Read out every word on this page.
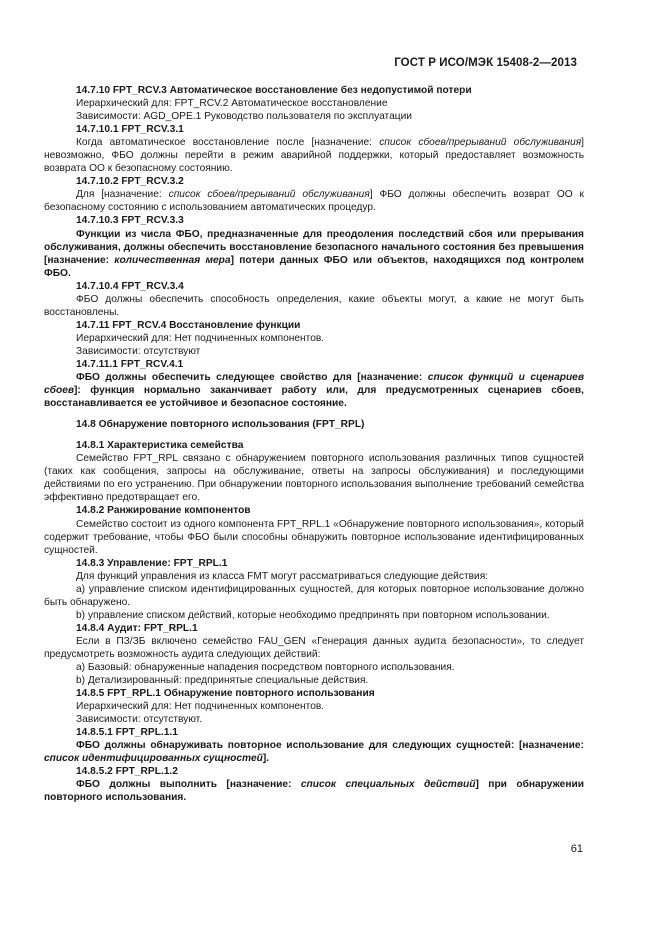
ГОСТ Р ИСО/МЭК 15408-2—2013

14.7.10 FPT_RCV.3 Автоматическое восстановление без недопустимой потери

Иерархический для: FPT_RCV.2 Автоматическое восстановление

Зависимости: AGD_OPE.1 Руководство пользователя по эксплуатации

14.7.10.1 FPT_RCV.3.1

Когда автоматическое восстановление после [назначение: список сбоев/прерываний обслуживания] невозможно, ФБО должны перейти в режим аварийной поддержки, который предоставляет возможность возврата ОО к безопасному состоянию.

14.7.10.2 FPT_RCV.3.2

Для [назначение: список сбоев/прерываний обслуживания] ФБО должны обеспечить возврат ОО к безопасному состоянию с использованием автоматических процедур.

14.7.10.3 FPT_RCV.3.3

Функции из числа ФБО, предназначенные для преодоления последствий сбоя или прерывания обслуживания, должны обеспечить восстановление безопасного начального состояния без превышения [назначение: количественная мера] потери данных ФБО или объектов, находящихся под контролем ФБО.

14.7.10.4 FPT_RCV.3.4

ФБО должны обеспечить способность определения, какие объекты могут, а какие не могут быть восстановлены.

14.7.11 FPT_RCV.4 Восстановление функции

Иерархический для: Нет подчиненных компонентов.

Зависимости: отсутствуют

14.7.11.1 FPT_RCV.4.1

ФБО должны обеспечить следующее свойство для [назначение: список функций и сценариев сбоев]: функция нормально заканчивает работу или, для предусмотренных сценариев сбоев, восстанавливается ее устойчивое и безопасное состояние.

14.8 Обнаружение повторного использования (FPT_RPL)

14.8.1 Характеристика семейства

Семейство FPT_RPL связано с обнаружением повторного использования различных типов сущностей (таких как сообщения, запросы на обслуживание, ответы на запросы обслуживания) и последующими действиями по его устранению. При обнаружении повторного использования выполнение требований семейства эффективно предотвращает его.

14.8.2 Ранжирование компонентов

Семейство состоит из одного компонента FPT_RPL.1 «Обнаружение повторного использования», который содержит требование, чтобы ФБО были способны обнаружить повторное использование идентифицированных сущностей.

14.8.3 Управление: FPT_RPL.1

Для функций управления из класса FMT могут рассматриваться следующие действия:

a) управление списком идентифицированных сущностей, для которых повторное использование должно быть обнаружено.

b) управление списком действий, которые необходимо предпринять при повторном использовании.

14.8.4 Аудит: FPT_RPL.1

Если в ПЗ/ЗБ включено семейство FAU_GEN «Генерация данных аудита безопасности», то следует предусмотреть возможность аудита следующих действий:

a) Базовый: обнаруженные нападения посредством повторного использования.

b) Детализированный: предпринятые специальные действия.

14.8.5 FPT_RPL.1 Обнаружение повторного использования

Иерархический для: Нет подчиненных компонентов.

Зависимости: отсутствуют.

14.8.5.1 FPT_RPL.1.1

ФБО должны обнаруживать повторное использование для следующих сущностей: [назначение: список идентифицированных сущностей].

14.8.5.2 FPT_RPL.1.2

ФБО должны выполнить [назначение: список специальных действий] при обнаружении повторного использования.

61
